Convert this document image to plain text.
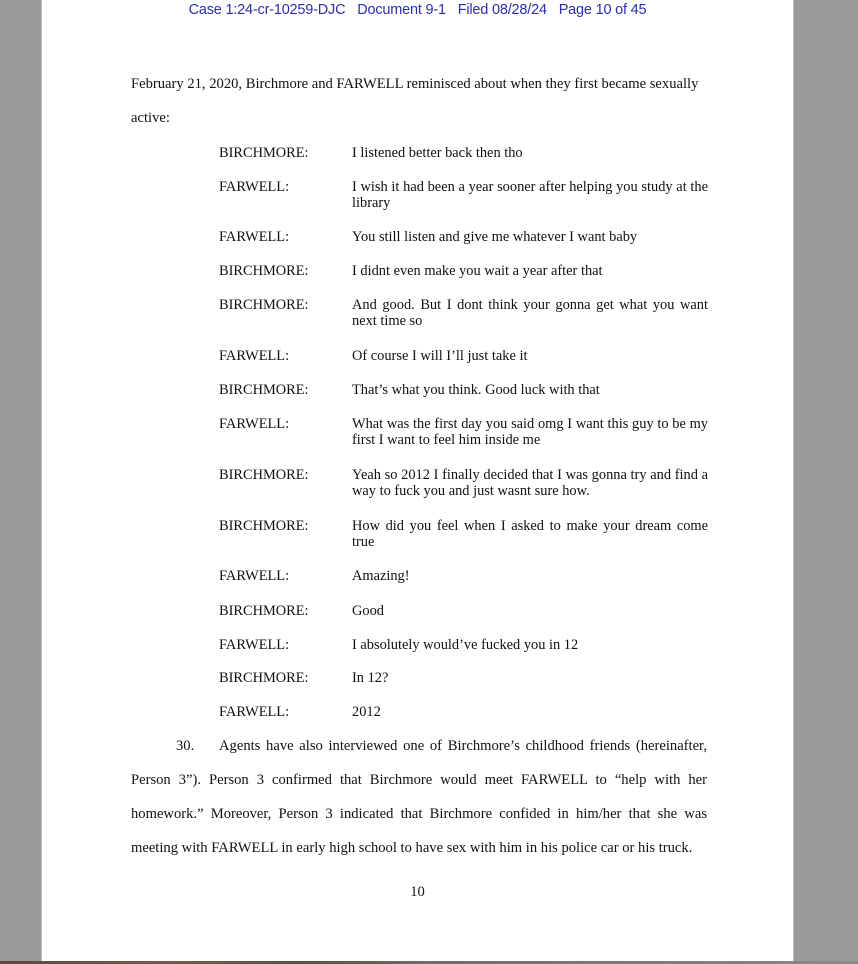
Case 1:24-cr-10259-DJC Document 9-1 Filed 08/28/24 Page 10 of 45
February 21, 2020, Birchmore and FARWELL reminisced about when they first became sexually
active:
BIRCHMORE:	I listened better back then tho
FARWELL:	I wish it had been a year sooner after helping you study at the library
FARWELL:	You still listen and give me whatever I want baby
BIRCHMORE:	I didnt even make you wait a year after that
BIRCHMORE:	And good. But I dont think your gonna get what you want next time so
FARWELL:	Of course I will I’ll just take it
BIRCHMORE:	That’s what you think. Good luck with that
FARWELL:	What was the first day you said omg I want this guy to be my first I want to feel him inside me
BIRCHMORE:	Yeah so 2012 I finally decided that I was gonna try and find a way to fuck you and just wasnt sure how.
BIRCHMORE:	How did you feel when I asked to make your dream come true
FARWELL:	Amazing!
BIRCHMORE:	Good
FARWELL:	I absolutely would’ve fucked you in 12
BIRCHMORE:	In 12?
FARWELL:	2012
30. Agents have also interviewed one of Birchmore’s childhood friends (hereinafter,
Person 3”). Person 3 confirmed that Birchmore would meet FARWELL to “help with her
homework.” Moreover, Person 3 indicated that Birchmore confided in him/her that she was
meeting with FARWELL in early high school to have sex with him in his police car or his truck.
10
